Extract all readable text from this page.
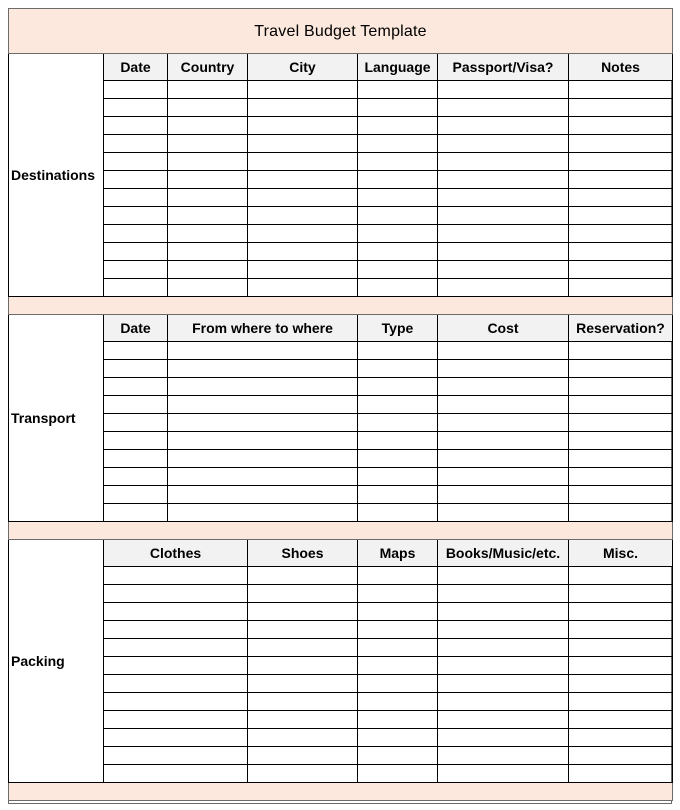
Travel Budget Template						
Destinations	Date	Country	City	Language	Passport/Visa?	Notes

Transport	Date	From where to where		Type	Cost	Reservation?

Packing	Clothes		Shoes	Maps	Books/Music/etc.	Misc.
